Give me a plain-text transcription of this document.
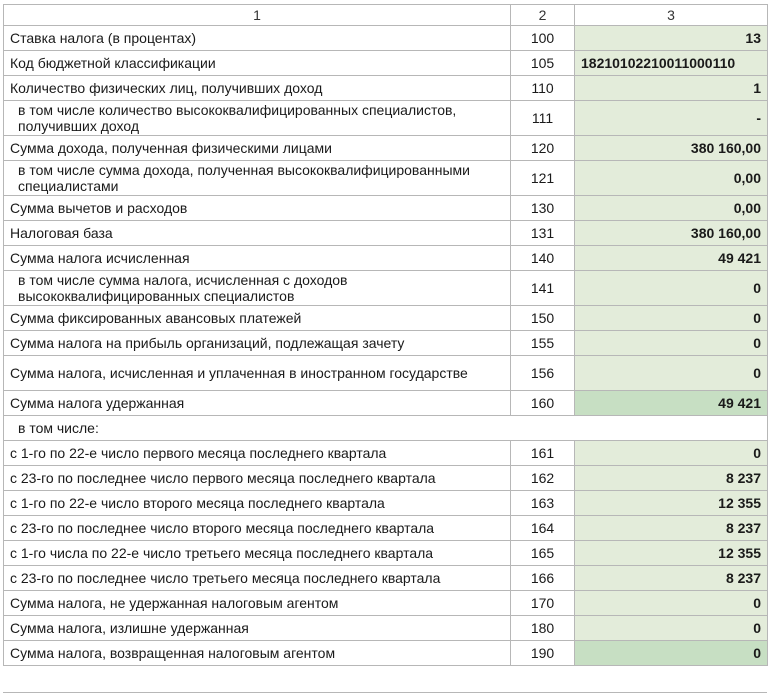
1	2	3
Ставка налога (в процентах)	100	13
Код бюджетной классификации	105	18210102210011000110
Количество физических лиц, получивших доход	110	1
в том числе количество высококвалифицированных специалистов, получивших доход	111	-
Сумма дохода, полученная физическими лицами	120	380 160,00
в том числе сумма дохода, полученная высококвалифицированными специалистами	121	0,00
Сумма вычетов и расходов	130	0,00
Налоговая база	131	380 160,00
Сумма налога исчисленная	140	49 421
в том числе сумма налога, исчисленная с доходов высококвалифицированных специалистов	141	0
Сумма фиксированных авансовых платежей	150	0
Сумма налога на прибыль организаций, подлежащая зачету	155	0
Сумма налога, исчисленная и уплаченная в иностранном государстве	156	0
Сумма налога удержанная	160	49 421
в том числе:		
с 1-го по 22-е число первого месяца последнего квартала	161	0
с 23-го по последнее число первого месяца последнего квартала	162	8 237
с 1-го по 22-е число второго месяца последнего квартала	163	12 355
с 23-го по последнее число второго месяца последнего квартала	164	8 237
с 1-го числа по 22-е число третьего месяца последнего квартала	165	12 355
с 23-го по последнее число третьего месяца последнего квартала	166	8 237
Сумма налога, не удержанная налоговым агентом	170	0
Сумма налога, излишне удержанная	180	0
Сумма налога, возвращенная налоговым агентом	190	0
